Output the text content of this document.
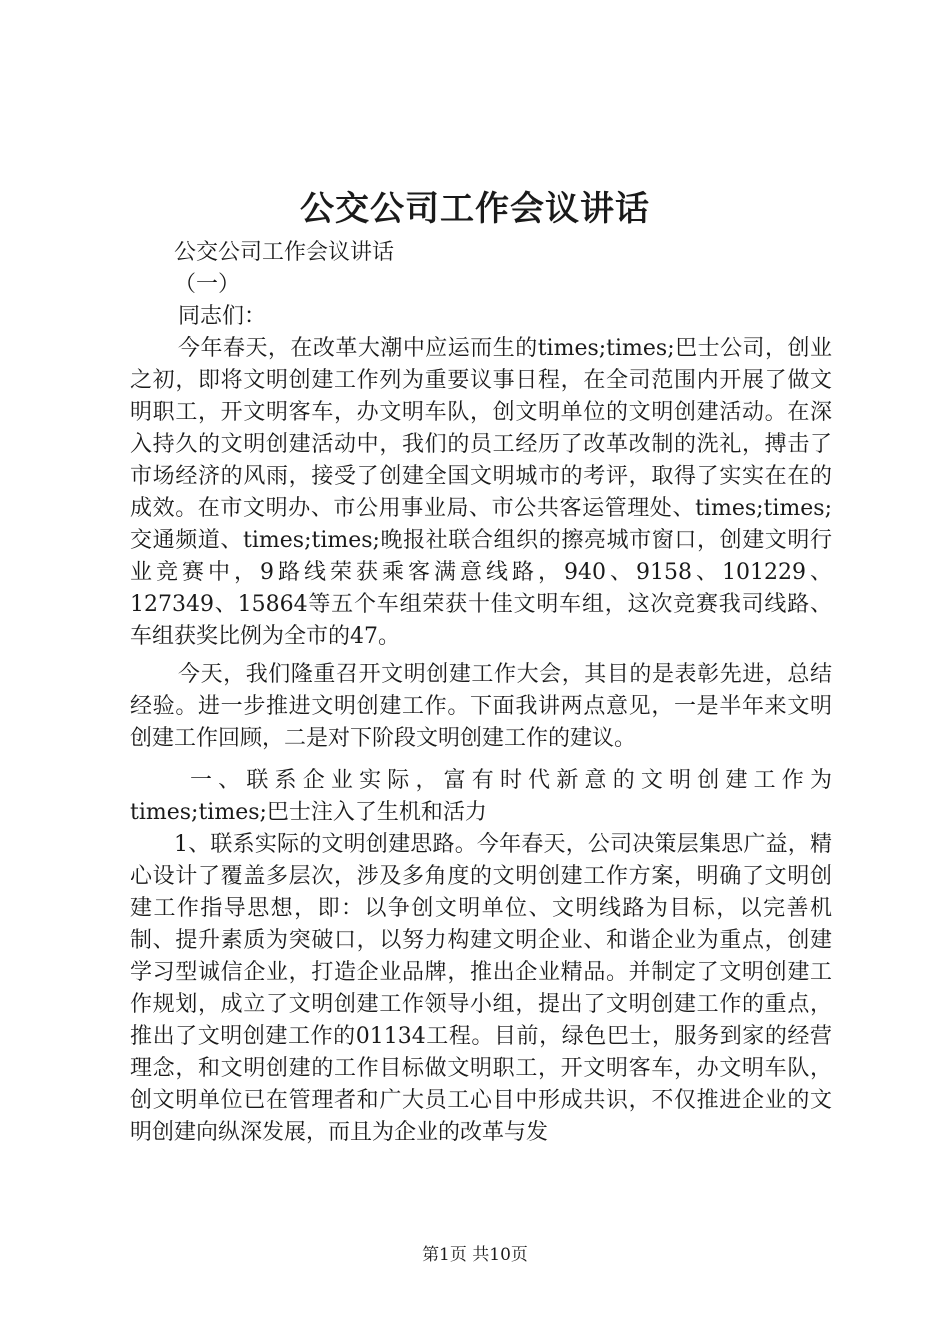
公交公司工作会议讲话

公交公司工作会议讲话

（一）

同志们：

今年春天，在改革大潮中应运而生的times;times;巴士公司，创业之初，即将文明创建工作列为重要议事日程，在全司范围内开展了做文明职工，开文明客车，办文明车队，创文明单位的文明创建活动。在深入持久的文明创建活动中，我们的员工经历了改革改制的洗礼，搏击了市场经济的风雨，接受了创建全国文明城市的考评，取得了实实在在的成效。在市文明办、市公用事业局、市公共客运管理处、times;times;交通频道、times;times;晚报社联合组织的擦亮城市窗口，创建文明行业竞赛中，9路线荣获乘客满意线路，940、9158、101229、127349、15864等五个车组荣获十佳文明车组，这次竞赛我司线路、车组获奖比例为全市的47。

今天，我们隆重召开文明创建工作大会，其目的是表彰先进，总结经验。进一步推进文明创建工作。下面我讲两点意见，一是半年来文明创建工作回顾，二是对下阶段文明创建工作的建议。

一、联系企业实际，富有时代新意的文明创建工作为times;times;巴士注入了生机和活力

1、联系实际的文明创建思路。今年春天，公司决策层集思广益，精心设计了覆盖多层次，涉及多角度的文明创建工作方案，明确了文明创建工作指导思想，即：以争创文明单位、文明线路为目标，以完善机制、提升素质为突破口，以努力构建文明企业、和谐企业为重点，创建学习型诚信企业，打造企业品牌，推出企业精品。并制定了文明创建工作规划，成立了文明创建工作领导小组，提出了文明创建工作的重点，推出了文明创建工作的01134工程。目前，绿色巴士，服务到家的经营理念，和文明创建的工作目标做文明职工，开文明客车，办文明车队，创文明单位已在管理者和广大员工心目中形成共识，不仅推进企业的文明创建向纵深发展，而且为企业的改革与发

第1页 共10页
